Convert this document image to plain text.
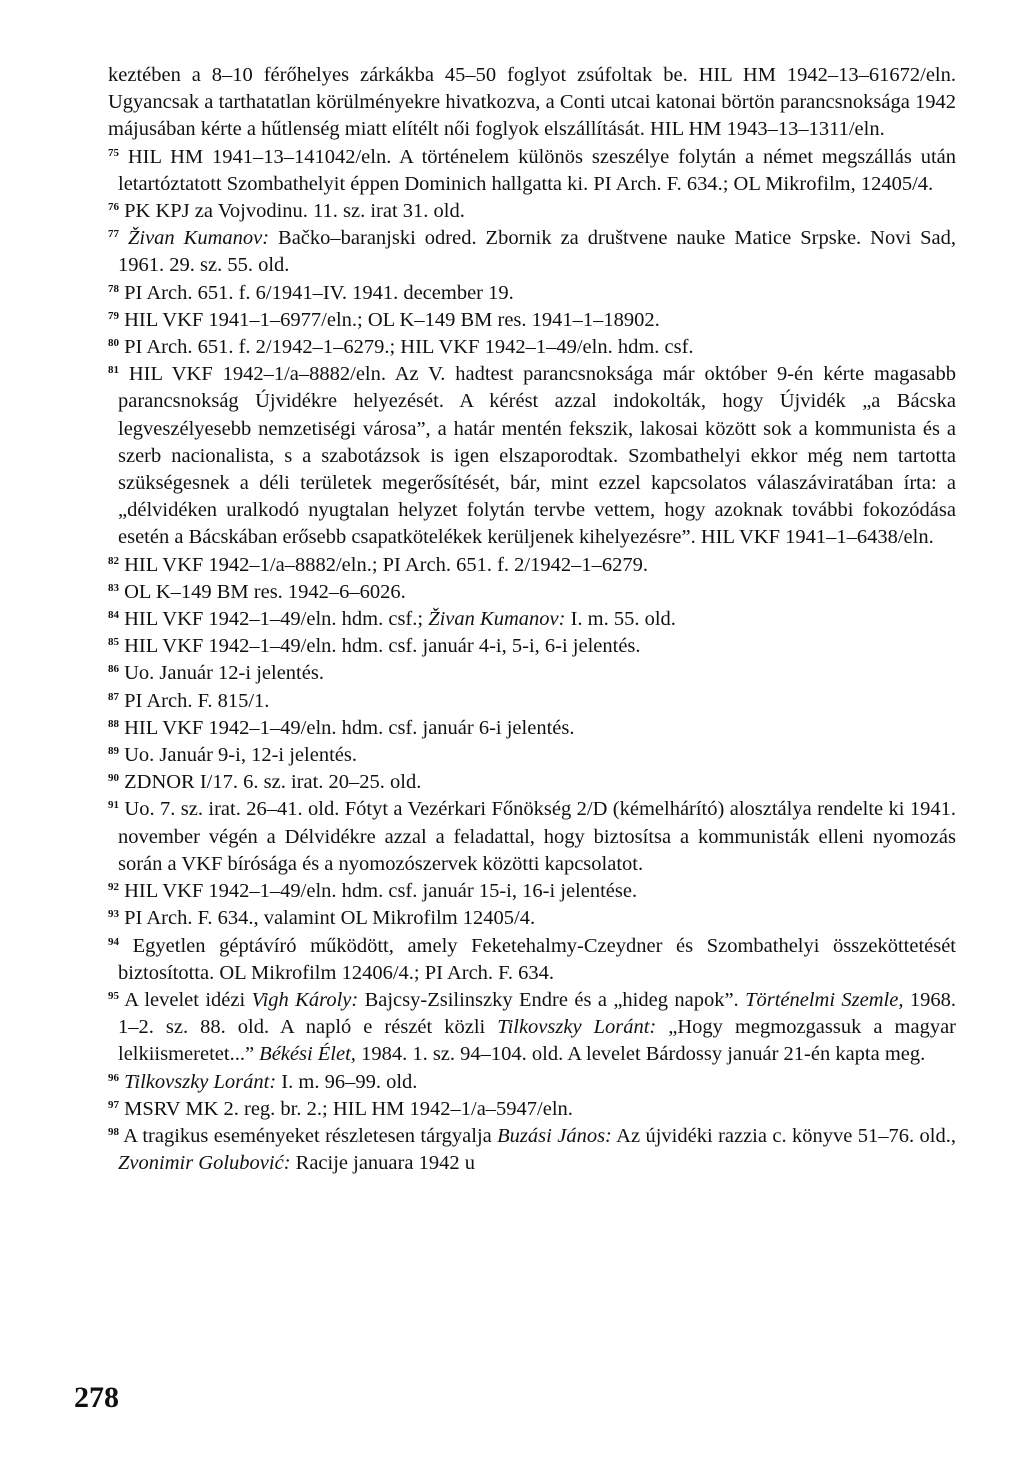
keztében a 8–10 férőhelyes zárkákba 45–50 foglyot zsúfoltak be. HIL HM 1942–13–61672/eln. Ugyancsak a tarthatatlan körülményekre hivatkozva, a Conti utcai katonai börtön parancsnoksága 1942 májusában kérte a hűtlenség miatt elítélt női foglyok elszállítását. HIL HM 1943–13–1311/eln.

75 HIL HM 1941–13–141042/eln. A történelem különös szeszélye folytán a német megszállás után letartóztatott Szombathelyit éppen Dominich hallgatta ki. PI Arch. F. 634.; OL Mikrofilm, 12405/4.

76 PK KPJ za Vojvodinu. 11. sz. irat 31. old.

77 Živan Kumanov: Bačko–baranjski odred. Zbornik za društvene nauke Matice Srpske. Novi Sad, 1961. 29. sz. 55. old.

78 PI Arch. 651. f. 6/1941–IV. 1941. december 19.

79 HIL VKF 1941–1–6977/eln.; OL K–149 BM res. 1941–1–18902.

80 PI Arch. 651. f. 2/1942–1–6279.; HIL VKF 1942–1–49/eln. hdm. csf.

81 HIL VKF 1942–1/a–8882/eln. Az V. hadtest parancsnoksága már október 9-én kérte magasabb parancsnokság Újvidékre helyezését. A kérést azzal indokolták, hogy Újvidék „a Bácska legveszélyesebb nemzetiségi városa”, a határ mentén fekszik, lakosai között sok a kommunista és a szerb nacionalista, s a szabotázsok is igen elszaporodtak. Szombathelyi ekkor még nem tartotta szükségesnek a déli területek megerősítését, bár, mint ezzel kapcsolatos válaszáviratában írta: a „délvidéken uralkodó nyugtalan helyzet folytán tervbe vettem, hogy azoknak további fokozódása esetén a Bácskában erősebb csapatkötelékek kerüljenek kihelyezésre”. HIL VKF 1941–1–6438/eln.

82 HIL VKF 1942–1/a–8882/eln.; PI Arch. 651. f. 2/1942–1–6279.

83 OL K–149 BM res. 1942–6–6026.

84 HIL VKF 1942–1–49/eln. hdm. csf.; Živan Kumanov: I. m. 55. old.

85 HIL VKF 1942–1–49/eln. hdm. csf. január 4-i, 5-i, 6-i jelentés.

86 Uo. Január 12-i jelentés.

87 PI Arch. F. 815/1.

88 HIL VKF 1942–1–49/eln. hdm. csf. január 6-i jelentés.

89 Uo. Január 9-i, 12-i jelentés.

90 ZDNOR I/17. 6. sz. irat. 20–25. old.

91 Uo. 7. sz. irat. 26–41. old. Fótyt a Vezérkari Főnökség 2/D (kémelhárító) alosztálya rendelte ki 1941. november végén a Délvidékre azzal a feladattal, hogy biztosítsa a kommunisták elleni nyomozás során a VKF bírósága és a nyomozószervek közötti kapcsolatot.

92 HIL VKF 1942–1–49/eln. hdm. csf. január 15-i, 16-i jelentése.

93 PI Arch. F. 634., valamint OL Mikrofilm 12405/4.

94 Egyetlen géptávíró működött, amely Feketehalmy-Czeydner és Szombathelyi összeköttetését biztosította. OL Mikrofilm 12406/4.; PI Arch. F. 634.

95 A levelet idézi Vigh Károly: Bajcsy-Zsilinszky Endre és a „hideg napok”. Történelmi Szemle, 1968. 1–2. sz. 88. old. A napló e részét közli Tilkovszky Loránt: „Hogy megmozgassuk a magyar lelkiismeretet...” Békési Élet, 1984. 1. sz. 94–104. old. A levelet Bárdossy január 21-én kapta meg.

96 Tilkovszky Loránt: I. m. 96–99. old.

97 MSRV MK 2. reg. br. 2.; HIL HM 1942–1/a–5947/eln.

98 A tragikus eseményeket részletesen tárgyalja Buzási János: Az újvidéki razzia c. könyve 51–76. old., Zvonimir Golubović: Racije januara 1942 u

278
